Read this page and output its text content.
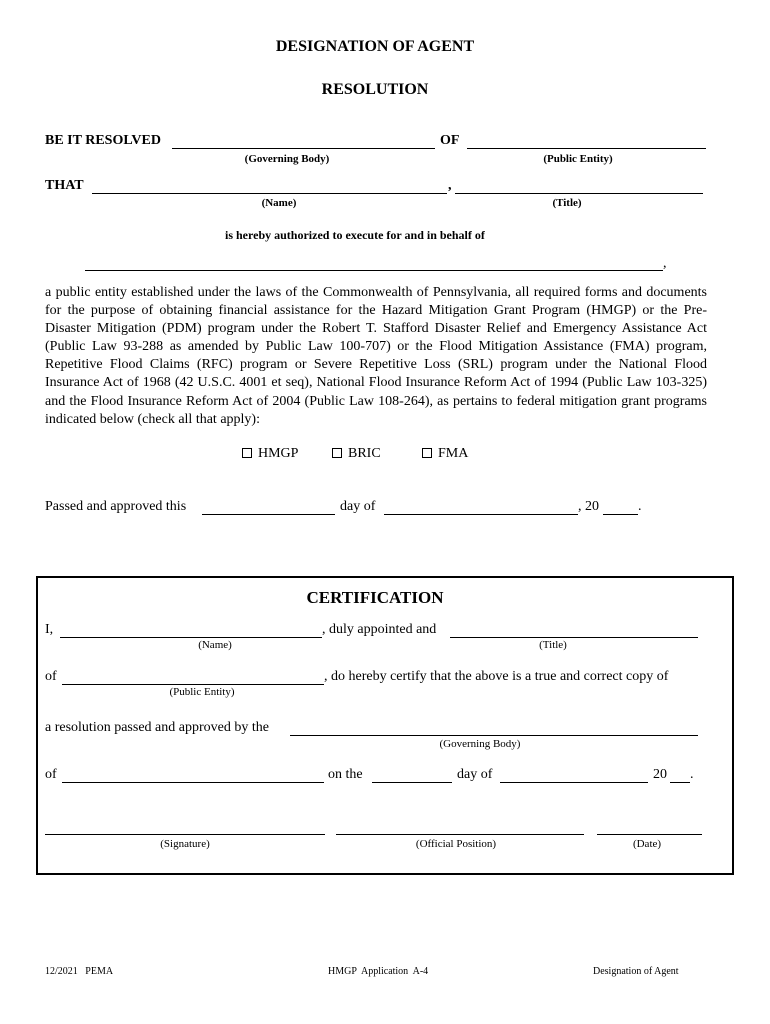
DESIGNATION OF AGENT
RESOLUTION
BE IT RESOLVED	OF
(Governing Body)	(Public Entity)
THAT	,
(Name)	(Title)
is hereby authorized to execute for and in behalf of
,
a public entity established under the laws of the Commonwealth of Pennsylvania, all required forms and documents for the purpose of obtaining financial assistance for the Hazard Mitigation Grant Program (HMGP) or the Pre-Disaster Mitigation (PDM) program under the Robert T. Stafford Disaster Relief and Emergency Assistance Act (Public Law 93-288 as amended by Public Law 100-707) or the Flood Mitigation Assistance (FMA) program, Repetitive Flood Claims (RFC) program or Severe Repetitive Loss (SRL) program under the National Flood Insurance Act of 1968 (42 U.S.C. 4001 et seq), National Flood Insurance Reform Act of 1994 (Public Law 103-325) and the Flood Insurance Reform Act of 2004 (Public Law 108-264), as pertains to federal mitigation grant programs indicated below (check all that apply):
HMGP	BRIC	FMA
Passed and approved this	day of	, 20	.
CERTIFICATION
I,	, duly appointed and
(Name)	(Title)
of	, do hereby certify that the above is a true and correct copy of
(Public Entity)
a resolution passed and approved by the
(Governing Body)
of	on the	day of	20 .
(Signature)	(Official Position)	(Date)
12/2021   PEMA	HMGP  Application  A-4	Designation of Agent
